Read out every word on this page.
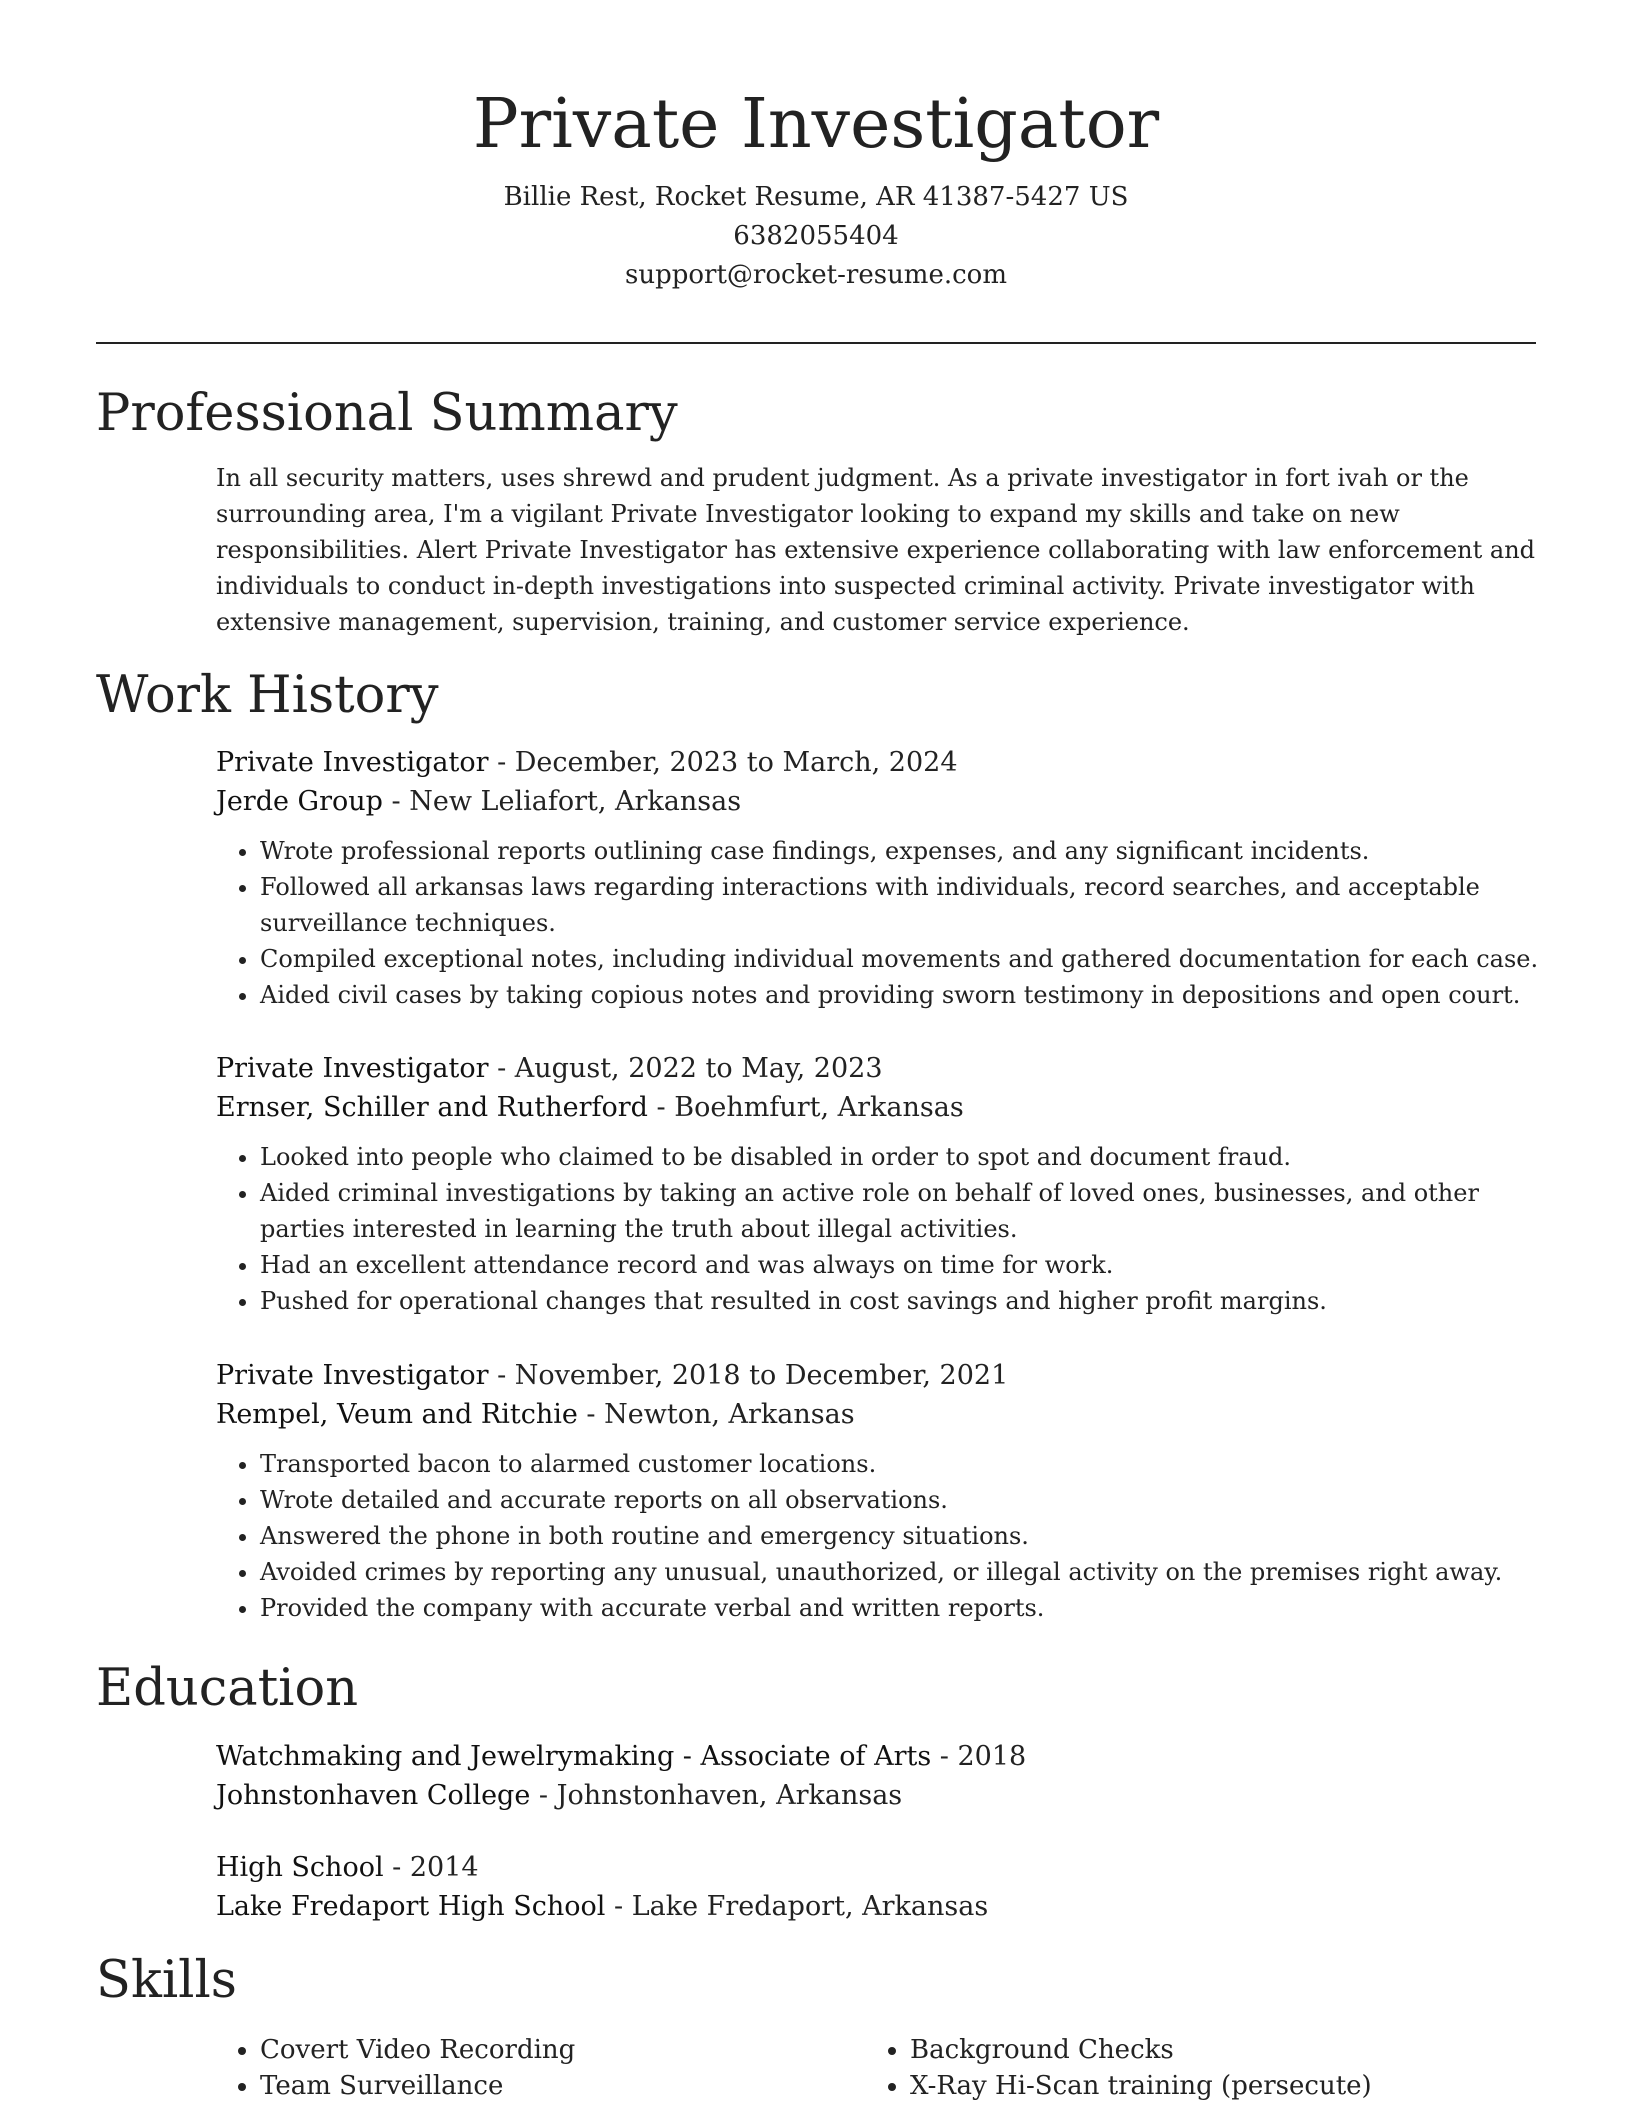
Private Investigator
Billie Rest, Rocket Resume, AR 41387-5427 US
6382055404
support@rocket-resume.com
Professional Summary

In all security matters, uses shrewd and prudent judgment. As a private investigator in fort ivah or the surrounding area, I'm a vigilant Private Investigator looking to expand my skills and take on new responsibilities. Alert Private Investigator has extensive experience collaborating with law enforcement and individuals to conduct in-depth investigations into suspected criminal activity. Private investigator with extensive management, supervision, training, and customer service experience.

Work History
Private Investigator - December, 2023 to March, 2024
Jerde Group - New Leliafort, Arkansas
• Wrote professional reports outlining case findings, expenses, and any significant incidents.
• Followed all arkansas laws regarding interactions with individuals, record searches, and acceptable surveillance techniques.
• Compiled exceptional notes, including individual movements and gathered documentation for each case.
• Aided civil cases by taking copious notes and providing sworn testimony in depositions and open court.
Private Investigator - August, 2022 to May, 2023
Ernser, Schiller and Rutherford - Boehmfurt, Arkansas
• Looked into people who claimed to be disabled in order to spot and document fraud.
• Aided criminal investigations by taking an active role on behalf of loved ones, businesses, and other parties interested in learning the truth about illegal activities.
• Had an excellent attendance record and was always on time for work.
• Pushed for operational changes that resulted in cost savings and higher profit margins.
Private Investigator - November, 2018 to December, 2021
Rempel, Veum and Ritchie - Newton, Arkansas
• Transported bacon to alarmed customer locations.
• Wrote detailed and accurate reports on all observations.
• Answered the phone in both routine and emergency situations.
• Avoided crimes by reporting any unusual, unauthorized, or illegal activity on the premises right away.
• Provided the company with accurate verbal and written reports.
Education
Watchmaking and Jewelrymaking - Associate of Arts - 2018
Johnstonhaven College - Johnstonhaven, Arkansas
High School - 2014
Lake Fredaport High School - Lake Fredaport, Arkansas
Skills
• Covert Video Recording
• Team Surveillance
• Background Checks
• X-Ray Hi-Scan training (persecute)
